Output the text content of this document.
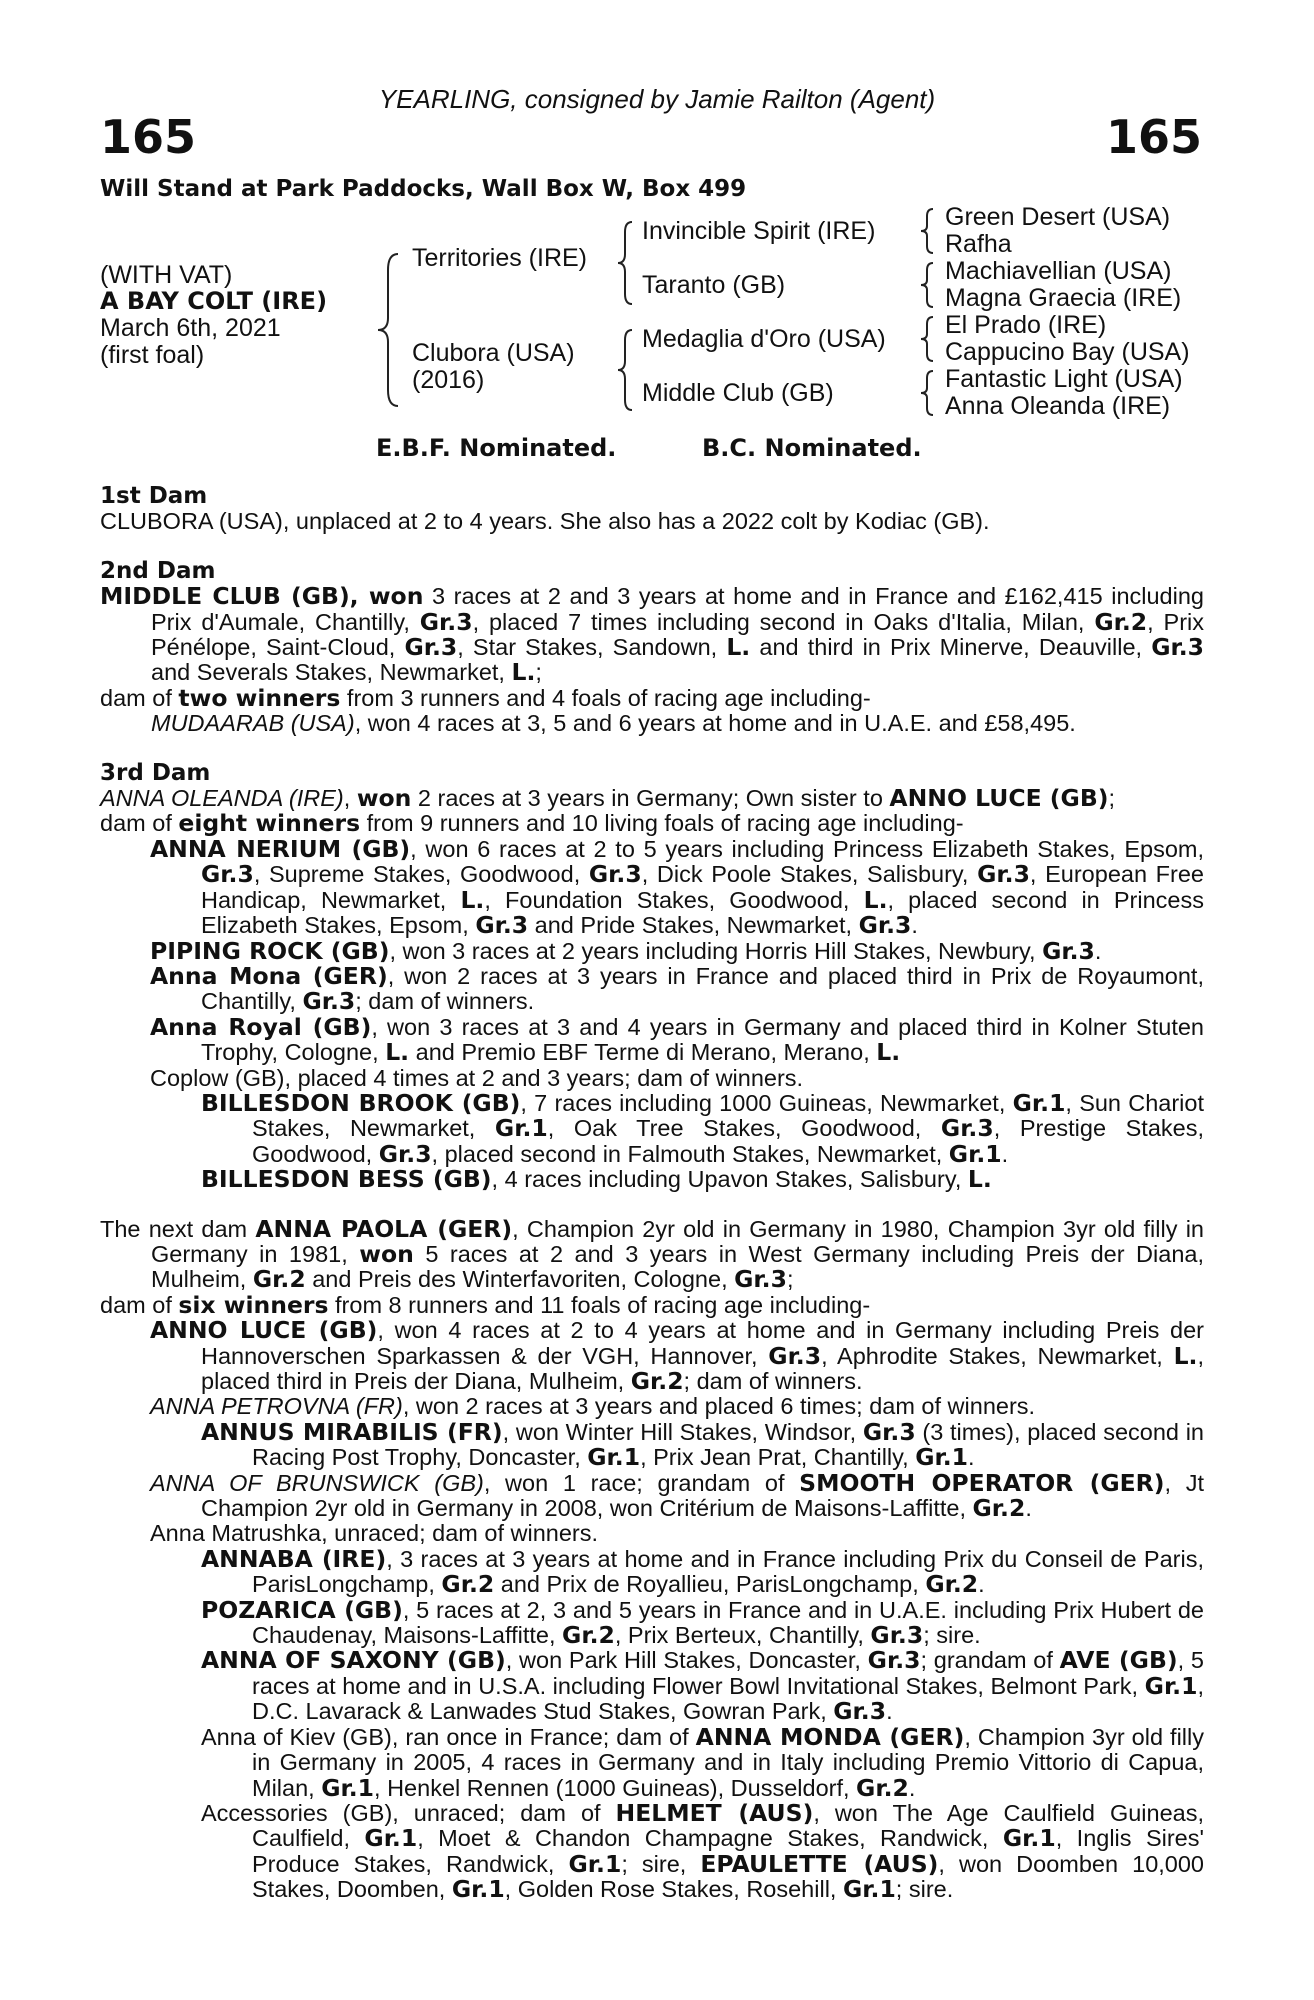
YEARLING, consigned by Jamie Railton (Agent)
165	165
Will Stand at Park Paddocks, Wall Box W, Box 499
(WITH VAT)
A BAY COLT (IRE)
March 6th, 2021
(first foal)
Territories (IRE)
Clubora (USA)
(2016)
Invincible Spirit (IRE)
Taranto (GB)
Medaglia d'Oro (USA)
Middle Club (GB)
Green Desert (USA)
Rafha
Machiavellian (USA)
Magna Graecia (IRE)
El Prado (IRE)
Cappucino Bay (USA)
Fantastic Light (USA)
Anna Oleanda (IRE)
E.B.F. Nominated.	B.C. Nominated.

1st Dam

CLUBORA (USA), unplaced at 2 to 4 years. She also has a 2022 colt by Kodiac (GB).

2nd Dam

MIDDLE CLUB (GB), won 3 races at 2 and 3 years at home and in France and £162,415 including Prix d'Aumale, Chantilly, Gr.3, placed 7 times including second in Oaks d'Italia, Milan, Gr.2, Prix Pénélope, Saint-Cloud, Gr.3, Star Stakes, Sandown, L. and third in Prix Minerve, Deauville, Gr.3 and Severals Stakes, Newmarket, L.;

dam of two winners from 3 runners and 4 foals of racing age including-

MUDAARAB (USA), won 4 races at 3, 5 and 6 years at home and in U.A.E. and £58,495.

3rd Dam

ANNA OLEANDA (IRE), won 2 races at 3 years in Germany; Own sister to ANNO LUCE (GB);

dam of eight winners from 9 runners and 10 living foals of racing age including-

ANNA NERIUM (GB), won 6 races at 2 to 5 years including Princess Elizabeth Stakes, Epsom, Gr.3, Supreme Stakes, Goodwood, Gr.3, Dick Poole Stakes, Salisbury, Gr.3, European Free Handicap, Newmarket, L., Foundation Stakes, Goodwood, L., placed second in Princess Elizabeth Stakes, Epsom, Gr.3 and Pride Stakes, Newmarket, Gr.3.

PIPING ROCK (GB), won 3 races at 2 years including Horris Hill Stakes, Newbury, Gr.3.

Anna Mona (GER), won 2 races at 3 years in France and placed third in Prix de Royaumont, Chantilly, Gr.3; dam of winners.

Anna Royal (GB), won 3 races at 3 and 4 years in Germany and placed third in Kolner Stuten Trophy, Cologne, L. and Premio EBF Terme di Merano, Merano, L.

Coplow (GB), placed 4 times at 2 and 3 years; dam of winners.

BILLESDON BROOK (GB), 7 races including 1000 Guineas, Newmarket, Gr.1, Sun Chariot Stakes, Newmarket, Gr.1, Oak Tree Stakes, Goodwood, Gr.3, Prestige Stakes, Goodwood, Gr.3, placed second in Falmouth Stakes, Newmarket, Gr.1.

BILLESDON BESS (GB), 4 races including Upavon Stakes, Salisbury, L.

The next dam ANNA PAOLA (GER), Champion 2yr old in Germany in 1980, Champion 3yr old filly in Germany in 1981, won 5 races at 2 and 3 years in West Germany including Preis der Diana, Mulheim, Gr.2 and Preis des Winterfavoriten, Cologne, Gr.3;

dam of six winners from 8 runners and 11 foals of racing age including-

ANNO LUCE (GB), won 4 races at 2 to 4 years at home and in Germany including Preis der Hannoverschen Sparkassen & der VGH, Hannover, Gr.3, Aphrodite Stakes, Newmarket, L., placed third in Preis der Diana, Mulheim, Gr.2; dam of winners.

ANNA PETROVNA (FR), won 2 races at 3 years and placed 6 times; dam of winners.

ANNUS MIRABILIS (FR), won Winter Hill Stakes, Windsor, Gr.3 (3 times), placed second in Racing Post Trophy, Doncaster, Gr.1, Prix Jean Prat, Chantilly, Gr.1.

ANNA OF BRUNSWICK (GB), won 1 race; grandam of SMOOTH OPERATOR (GER), Jt Champion 2yr old in Germany in 2008, won Critérium de Maisons-Laffitte, Gr.2.

Anna Matrushka, unraced; dam of winners.

ANNABA (IRE), 3 races at 3 years at home and in France including Prix du Conseil de Paris, ParisLongchamp, Gr.2 and Prix de Royallieu, ParisLongchamp, Gr.2.

POZARICA (GB), 5 races at 2, 3 and 5 years in France and in U.A.E. including Prix Hubert de Chaudenay, Maisons-Laffitte, Gr.2, Prix Berteux, Chantilly, Gr.3; sire.

ANNA OF SAXONY (GB), won Park Hill Stakes, Doncaster, Gr.3; grandam of AVE (GB), 5 races at home and in U.S.A. including Flower Bowl Invitational Stakes, Belmont Park, Gr.1, D.C. Lavarack & Lanwades Stud Stakes, Gowran Park, Gr.3.

Anna of Kiev (GB), ran once in France; dam of ANNA MONDA (GER), Champion 3yr old filly in Germany in 2005, 4 races in Germany and in Italy including Premio Vittorio di Capua, Milan, Gr.1, Henkel Rennen (1000 Guineas), Dusseldorf, Gr.2.

Accessories (GB), unraced; dam of HELMET (AUS), won The Age Caulfield Guineas, Caulfield, Gr.1, Moet & Chandon Champagne Stakes, Randwick, Gr.1, Inglis Sires' Produce Stakes, Randwick, Gr.1; sire, EPAULETTE (AUS), won Doomben 10,000 Stakes, Doomben, Gr.1, Golden Rose Stakes, Rosehill, Gr.1; sire.
